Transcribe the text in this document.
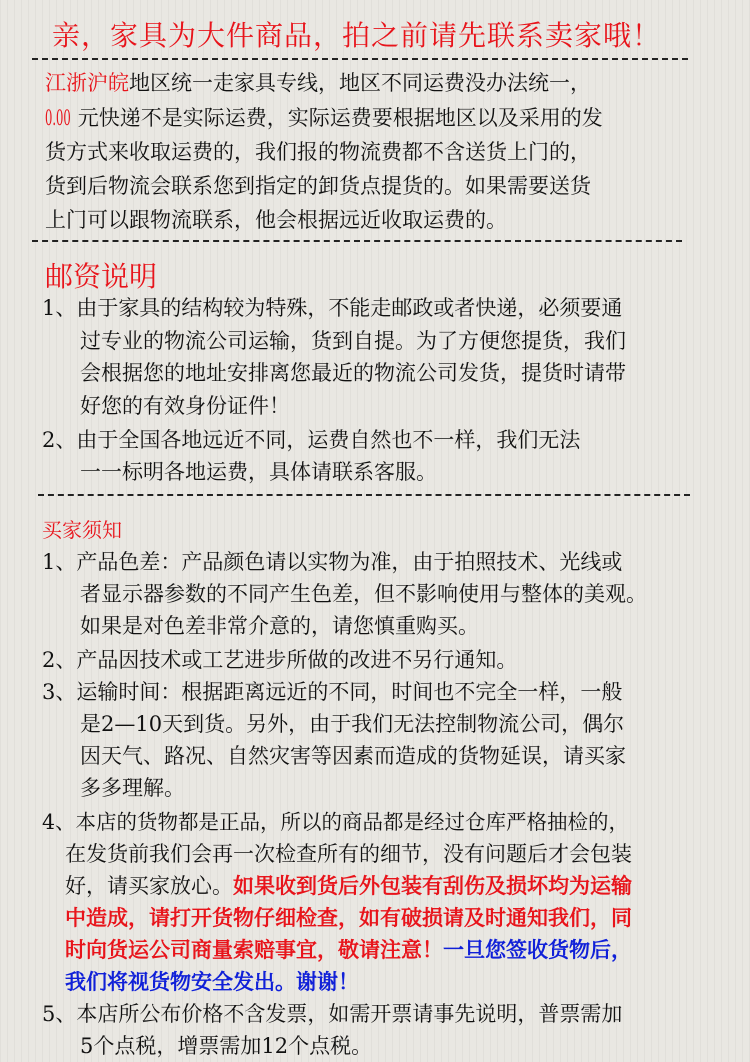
亲，家具为大件商品，拍之前请先联系卖家哦！
江浙沪皖地区统一走家具专线，地区不同运费没办法统一，
0.00 元快递不是实际运费，实际运费要根据地区以及采用的发
货方式来收取运费的，我们报的物流费都不含送货上门的，
货到后物流会联系您到指定的卸货点提货的。如果需要送货
上门可以跟物流联系，他会根据远近收取运费的。
邮资说明
1、由于家具的结构较为特殊，不能走邮政或者快递，必须要通
过专业的物流公司运输，货到自提。为了方便您提货，我们
会根据您的地址安排离您最近的物流公司发货，提货时请带
好您的有效身份证件！
2、由于全国各地远近不同，运费自然也不一样，我们无法
一一标明各地运费，具体请联系客服。
买家须知
1、产品色差：产品颜色请以实物为准，由于拍照技术、光线或
者显示器参数的不同产生色差，但不影响使用与整体的美观。
如果是对色差非常介意的，请您慎重购买。
2、产品因技术或工艺进步所做的改进不另行通知。
3、运输时间：根据距离远近的不同，时间也不完全一样，一般
是2—10天到货。另外，由于我们无法控制物流公司，偶尔
因天气、路况、自然灾害等因素而造成的货物延误，请买家
多多理解。
4、本店的货物都是正品，所以的商品都是经过仓库严格抽检的，
在发货前我们会再一次检查所有的细节，没有问题后才会包装
好，请买家放心。如果收到货后外包装有刮伤及损坏均为运输
中造成，请打开货物仔细检查，如有破损请及时通知我们，同
时向货运公司商量索赔事宜，敬请注意！一旦您签收货物后，
我们将视货物安全发出。谢谢！
5、本店所公布价格不含发票，如需开票请事先说明，普票需加
5个点税，增票需加12个点税。
